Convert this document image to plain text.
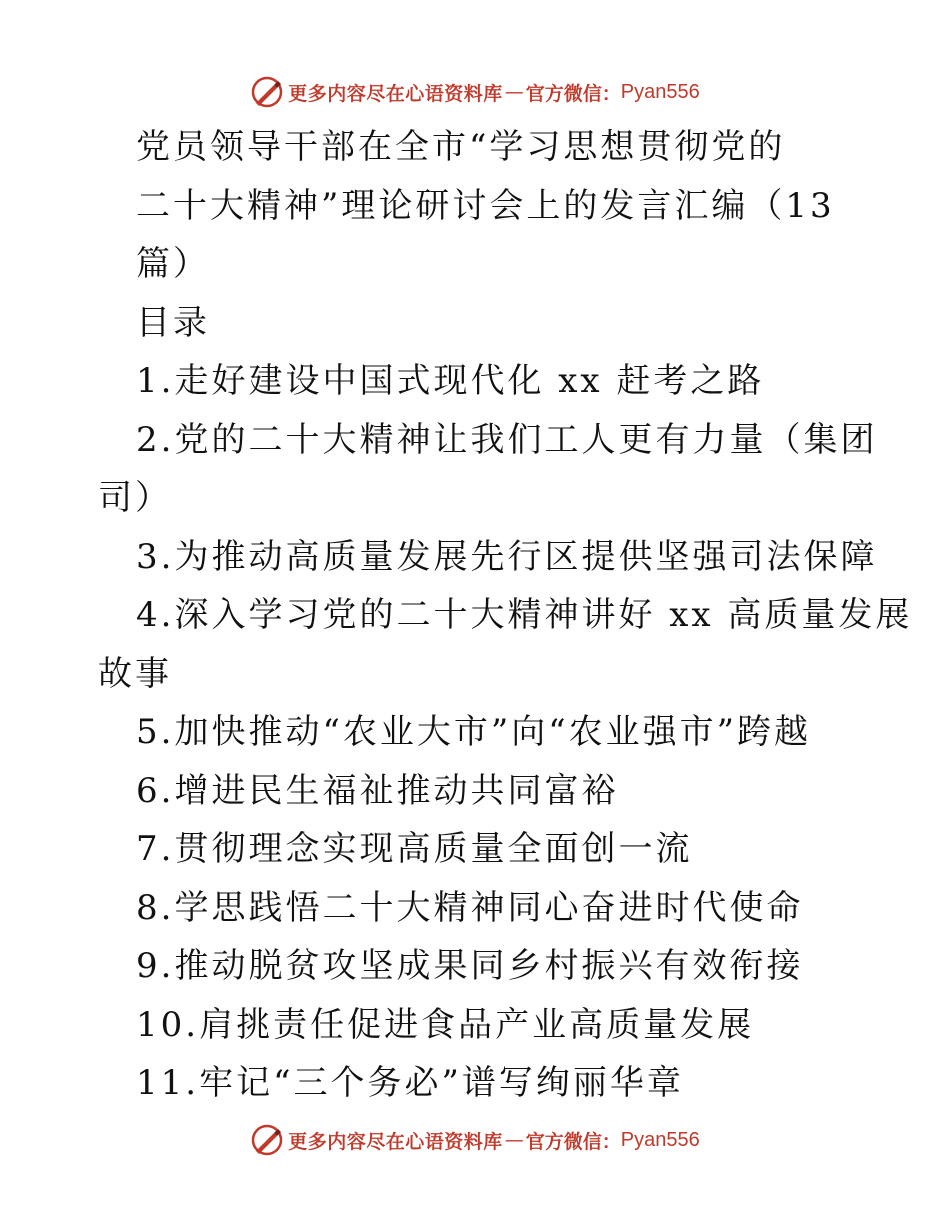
更多内容尽在心语资料库 — 官方微信： Pyan556
党员领导干部在全市“学习思想贯彻党的
二十大精神”理论研讨会上的发言汇编（13
篇）
目录
1.走好建设中国式现代化 xx 赶考之路
2.党的二十大精神让我们工人更有力量（集团
司）
3.为推动高质量发展先行区提供坚强司法保障
4.深入学习党的二十大精神讲好 xx 高质量发展
故事
5.加快推动“农业大市”向“农业强市”跨越
6.增进民生福祉推动共同富裕
7.贯彻理念实现高质量全面创一流
8.学思践悟二十大精神同心奋进时代使命
9.推动脱贫攻坚成果同乡村振兴有效衔接
10.肩挑责任促进食品产业高质量发展
11.牢记“三个务必”谱写绚丽华章
更多内容尽在心语资料库 — 官方微信： Pyan556
